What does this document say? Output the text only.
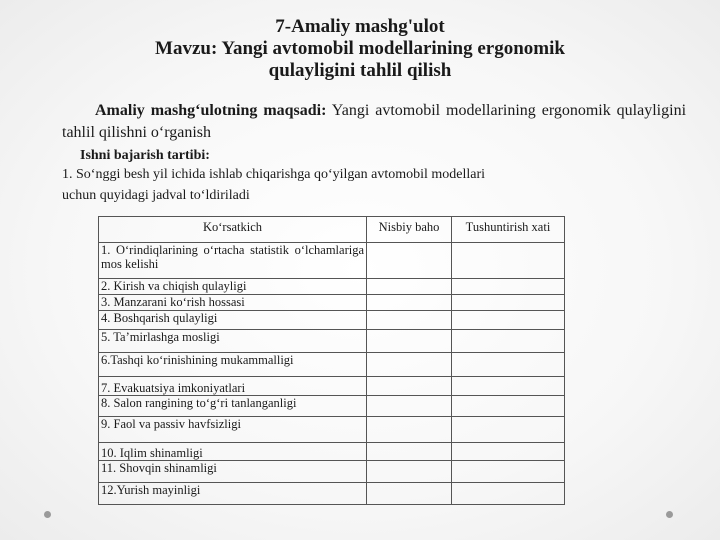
7-Amaliy mashg'ulot
Mavzu: Yangi avtomobil modellarining ergonomik
qulayligini tahlil qilish
Amaliy mashg‘ulotning maqsadi: Yangi avtomobil modellarining ergonomik qulayligini tahlil qilishni o‘rganish
Ishni bajarish tartibi:
1. So‘nggi besh yil ichida ishlab chiqarishga qo‘yilgan avtomobil modellari
uchun quyidagi jadval to‘ldiriladi
Ko‘rsatkich	Nisbiy baho	Tushuntirish xati
1. O‘rindiqlarining o‘rtacha statistik o‘lchamlariga mos kelishi		
2. Kirish va chiqish qulayligi		
3. Manzarani ko‘rish hossasi		
4. Boshqarish qulayligi		
5. Ta’mirlashga mosligi		
6.Tashqi ko‘rinishining mukammalligi		
7. Evakuatsiya imkoniyatlari		
8. Salon rangining to‘g‘ri tanlanganligi		
9. Faol va passiv havfsizligi		
10. Iqlim shinamligi		
11. Shovqin shinamligi		
12.Yurish mayinligi		
